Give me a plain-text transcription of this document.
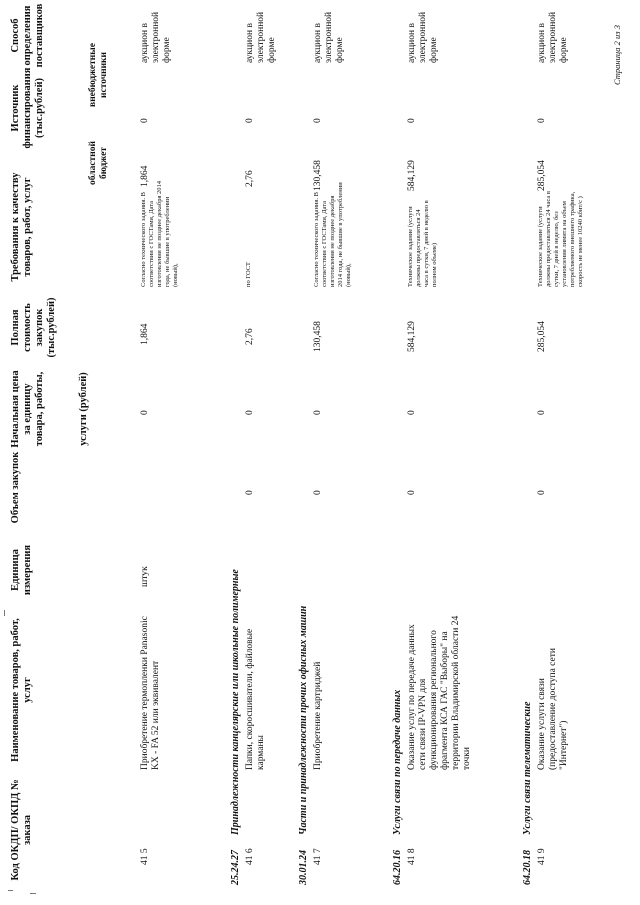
Код ОКДП/ ОКПД № заказа
Наименование товаров, работ, услуг
Единица измерения
Объем закупок
Начальная цена за единицу товара, работы,	услуги (рублей)
Полная стоимость закупок (тыс.рублей)
Требования к качеству товаров, работ, услуг
Источник финансирования (тыс.рублей)
областной бюджет
внебюджетные источники
Способ определения поставщиков
41 5
Приобретение термопленки Panasonic KX - FA 52 или эквивалент
штук
0
1,864
Согласно технического задания. В соответствии с ГОСТами, Дата изготовления не позднее декабря 2014 года, не бывшие в употреблении (новый),
1,864
0
аукцион в электронной форме
25.24.27
Принадлежности канцелярские или школьные полимерные
41 6
Папки, скоросшиватели, файловые карманы
0
0
2,76
по ГОСТ
2,76
0
аукцион в электронной форме
30.01.24
Части и принадлежности прочих офисных машин
41 7
Приобретение картриджей
0
0
130,458
Согласно технического задания. В соответствии с ГОСТами, Дата изготовления не позднее декабря 2014 года, не бывшие в употреблении (новый),
130,458
0
аукцион в электронной форме
64.20.16
Услуги связи по передаче данных
41 8
Оказание услуг по передаче данных сети связи IP-VPN для функционирования регионального фрагмента КСА ГАС "Выборы" на территории Владимирской области 24 точки
0
0
584,129
Техническое задание (услуги должны предоставляться 24 часа в сутки, 7 дней в неделю в полном объеме)
584,129
0
аукцион в электронной форме
64.20.18
Услуги связи телематические
41 9
Оказание услуги связи (предоставление доступа сети "Интернет")
0
0
285,054
Техническое задание (услуги должны предоставляться 24 часа в сутки, 7 дней в неделю, без установления лимита на объем потребляемого внешнего трафика, скорость не менее 10240 кбит/с )
285,054
0
аукцион в электронной форме	Страница 2 из 3
